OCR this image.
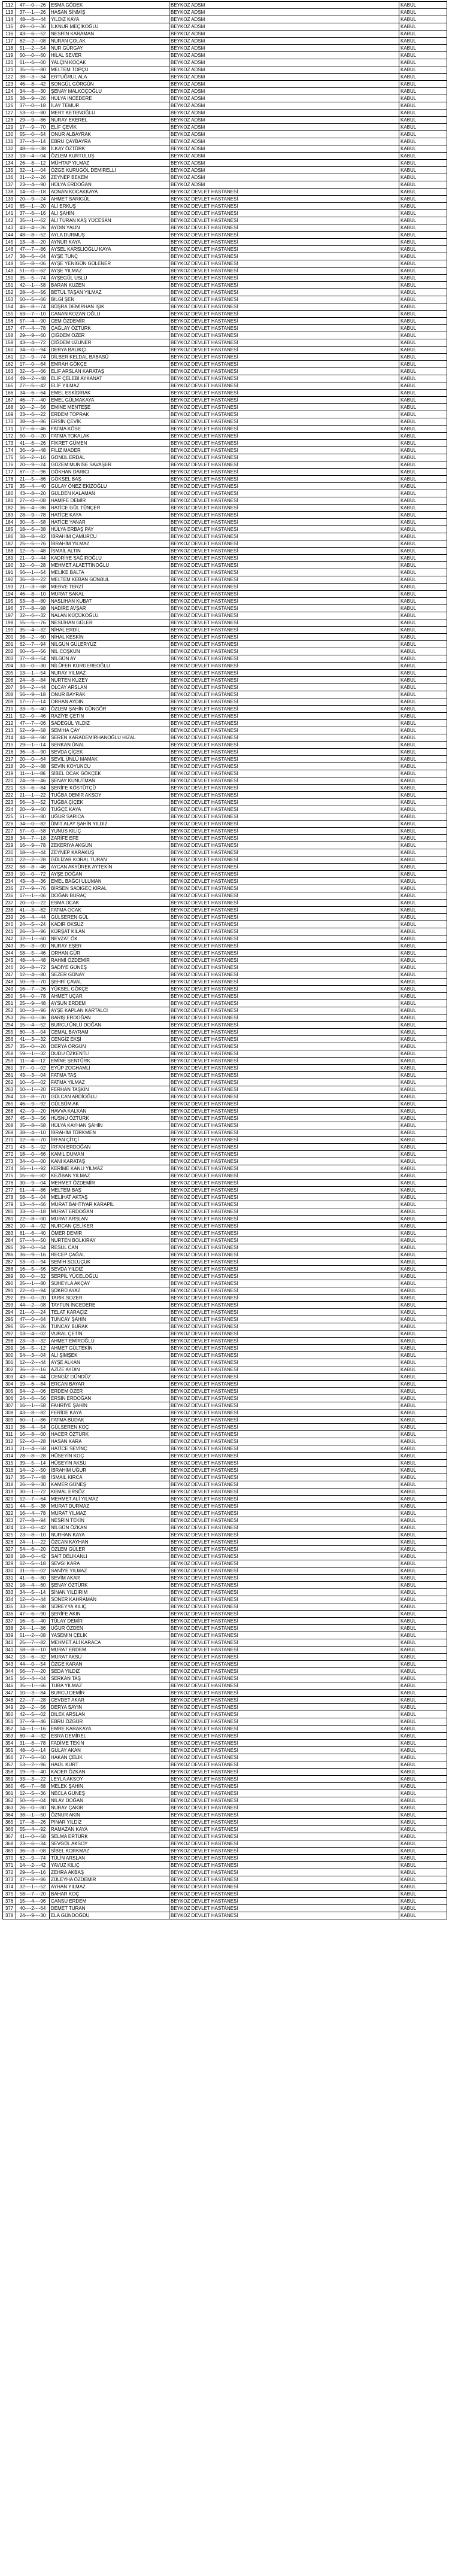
112	47----0----26	ESMA GÖDEK	BEYKOZ ADSM	KABUL
113	37----1----26	HASAN SİNMİŞ	BEYKOZ ADSM	KABUL
114	48----8----44	YILDIZ KAYA	BEYKOZ ADSM	KABUL
115	49----0----36	İLKNUR MEÇİKOĞLU	BEYKOZ ADSM	KABUL
116	43----6----52	NESRİN KARAMAN	BEYKOZ ADSM	KABUL
117	62----2----08	NURAN ÇOLAK	BEYKOZ ADSM	KABUL
118	51----2----54	NUR GÜRGAY	BEYKOZ ADSM	KABUL
119	50----0----60	HİLAL SEVER	BEYKOZ ADSM	KABUL
120	61----6----00	YALÇIN KOÇAK	BEYKOZ ADSM	KABUL
121	35----5----80	MELTEM TOPÇU	BEYKOZ ADSM	KABUL
122	38----3----34	ERTUĞRUL ALA	BEYKOZ ADSM	KABUL
123	46----8----42	SONGÜL GÖRGÜN	BEYKOZ ADSM	KABUL
124	34----8----30	ŞENAY MALKOÇOĞLU	BEYKOZ ADSM	KABUL
125	38----9----26	HÜLYA İNCEDERE	BEYKOZ ADSM	KABUL
126	37----0----18	İLAY TEMUR	BEYKOZ ADSM	KABUL
127	53----0----80	MERT KETENOĞLU	BEYKOZ ADSM	KABUL
128	29----9----86	NURAY EKEREL	BEYKOZ ADSM	KABUL
129	17----9----70	ELİF ÇEVİK	BEYKOZ ADSM	KABUL
130	55----0----54	ONUR ALBAYRAK	BEYKOZ ADSM	KABUL
131	37----4----14	EBRU ÇAYBAYRA	BEYKOZ ADSM	KABUL
132	48----6----38	İLKAY ÖZTÜRK	BEYKOZ ADSM	KABUL
133	13----4----04	ÖZLEM KURTULUŞ	BEYKOZ ADSM	KABUL
134	26----8----12	MÜHTAP YILMAZ	BEYKOZ ADSM	KABUL
135	32----1----04	ÖZGE KURUGÖL DEMİRELLİ	BEYKOZ ADSM	KABUL
136	31----2----26	ZEYNEP BEKEM	BEYKOZ ADSM	KABUL
137	23----4----90	HÜLYA ERDOĞAN	BEYKOZ ADSM	KABUL
138	14----0----18	ADNAN KOCAKKAYA	BEYKOZ DEVLET HASTANESİ	KABUL
139	20----9----24	AHMET SARIGÜL	BEYKOZ DEVLET HASTANESİ	KABUL
140	65----1----20	ALİ ERKUŞ	BEYKOZ DEVLET HASTANESİ	KABUL
141	37----6----16	ALİ ŞAHİN	BEYKOZ DEVLET HASTANESİ	KABUL
142	35----1----62	ALİ TURAN KAŞ YÜCESAN	BEYKOZ DEVLET HASTANESİ	KABUL
143	43----4----26	AYDIN YALIN	BEYKOZ DEVLET HASTANESİ	KABUL
144	48----8----52	AYLA DURMUŞ	BEYKOZ DEVLET HASTANESİ	KABUL
145	13----8----20	AYNUR KAYA	BEYKOZ DEVLET HASTANESİ	KABUL
146	47----7----86	AYSEL KARSLIOĞLU KAYA	BEYKOZ DEVLET HASTANESİ	KABUL
147	38----6----04	AYŞE TUNÇ	BEYKOZ DEVLET HASTANESİ	KABUL
148	15----8----06	AYŞE YENİGÜN GÜLENER	BEYKOZ DEVLET HASTANESİ	KABUL
149	51----0----62	AYŞE YILMAZ	BEYKOZ DEVLET HASTANESİ	KABUL
150	35----5----74	AYŞEGÜL USLU	BEYKOZ DEVLET HASTANESİ	KABUL
151	42----1----58	BARAN KUZEN	BEYKOZ DEVLET HASTANESİ	KABUL
152	28----6----56	BETÜL TAŞAN YILMAZ	BEYKOZ DEVLET HASTANESİ	KABUL
153	50----5----66	BİLGİ ŞEN	BEYKOZ DEVLET HASTANESİ	KABUL
154	46----8----74	BÜŞRA DEMİRHAN IŞIK	BEYKOZ DEVLET HASTANESİ	KABUL
155	63----7----10	CANAN KOZAN OĞLU	BEYKOZ DEVLET HASTANESİ	KABUL
156	57----4----90	CEM ÖZDEMİR	BEYKOZ DEVLET HASTANESİ	KABUL
157	47----4----78	ÇAĞLAY ÖZTÜRK	BEYKOZ DEVLET HASTANESİ	KABUL
158	29----9----60	ÇİĞDEM ÖZER	BEYKOZ DEVLET HASTANESİ	KABUL
159	43----4----72	ÇİĞDEM UZUNER	BEYKOZ DEVLET HASTANESİ	KABUL
160	34----0----94	DERYA BALIKÇI	BEYKOZ DEVLET HASTANESİ	KABUL
161	12----9----74	DİLBER KELDAL BABASÜ	BEYKOZ DEVLET HASTANESİ	KABUL
162	17----0----64	EMRAH GÖKÇE	BEYKOZ DEVLET HASTANESİ	KABUL
163	32----5----66	ELİF ARSLAN KARATAŞ	BEYKOZ DEVLET HASTANESİ	KABUL
164	49----2----48	ELİF ÇELEBİ AYKANAT	BEYKOZ DEVLET HASTANESİ	KABUL
165	27----5----42	ELİF YILMAZ	BEYKOZ DEVLET HASTANESİ	KABUL
166	34----6----64	EMEL ESKİDİRAK	BEYKOZ DEVLET HASTANESİ	KABUL
167	46----7----40	EMEL GÜLMAKAYA	BEYKOZ DEVLET HASTANESİ	KABUL
168	10----2----56	EMİNE MENTEŞE	BEYKOZ DEVLET HASTANESİ	KABUL
169	33----6----22	ERDEM TOPRAK	BEYKOZ DEVLET HASTANESİ	KABUL
170	38----4----86	ERSİN ÇEVİK	BEYKOZ DEVLET HASTANESİ	KABUL
171	17----6----46	FATMA KÖSE	BEYKOZ DEVLET HASTANESİ	KABUL
172	50----0----20	FATMA TOKALAK	BEYKOZ DEVLET HASTANESİ	KABUL
173	41----6----26	FİKRET GÜMEN	BEYKOZ DEVLET HASTANESİ	KABUL
174	36----9----48	FİLİZ MADER	BEYKOZ DEVLET HASTANESİ	KABUL
175	56----2----16	GÖNÜL ERDAL	BEYKOZ DEVLET HASTANESİ	KABUL
176	20----9----24	GÜZEM MUNİSE SAVAŞER	BEYKOZ DEVLET HASTANESİ	KABUL
177	67----2----96	GÖKHAN DARICI	BEYKOZ DEVLET HASTANESİ	KABUL
178	21----5----86	GÖKSEL BAŞ	BEYKOZ DEVLET HASTANESİ	KABUL
179	35----4----40	GÜLAY ÖNEZ EKİZOĞLU	BEYKOZ DEVLET HASTANESİ	KABUL
180	43----8----20	GÜLDEN KALAMAN	BEYKOZ DEVLET HASTANESİ	KABUL
181	27----0----08	HAMİFE DEMİR	BEYKOZ DEVLET HASTANESİ	KABUL
182	36----4----86	HATİCE GÜL TÜNÇER	BEYKOZ DEVLET HASTANESİ	KABUL
183	28----9----78	HATİCE KAYA	BEYKOZ DEVLET HASTANESİ	KABUL
184	30----5----58	HATİCE YANAR	BEYKOZ DEVLET HASTANESİ	KABUL
185	18----6----38	HÜLYA ERBAŞ PAY	BEYKOZ DEVLET HASTANESİ	KABUL
186	38----8----82	İBRAHİM ÇAMURCU	BEYKOZ DEVLET HASTANESİ	KABUL
187	25----5----76	İBRAHİM YILMAZ	BEYKOZ DEVLET HASTANESİ	KABUL
188	12----5----48	İSMAİL ALTIN	BEYKOZ DEVLET HASTANESİ	KABUL
189	21----9----44	KADRİYE SAĞIROĞLU	BEYKOZ DEVLET HASTANESİ	KABUL
190	32----0----28	MEHMET ALAETTİNOĞLU	BEYKOZ DEVLET HASTANESİ	KABUL
191	56----1----54	MELİKE BALTA	BEYKOZ DEVLET HASTANESİ	KABUL
192	36----8----22	MELTEM KEBAN GÜNBUL	BEYKOZ DEVLET HASTANESİ	KABUL
193	21----3----68	MERVE TERZİ	BEYKOZ DEVLET HASTANESİ	KABUL
194	46----8----10	MURAT SAKAL	BEYKOZ DEVLET HASTANESİ	KABUL
195	53----8----80	NASLIHAN KUBAT	BEYKOZ DEVLET HASTANESİ	KABUL
196	37----8----98	NADİRE AVŞAR	BEYKOZ DEVLET HASTANESİ	KABUL
197	32----6----32	NALAN KÜÇÜKOĞLU	BEYKOZ DEVLET HASTANESİ	KABUL
198	55----5----76	NESLİHAN GÜLER	BEYKOZ DEVLET HASTANESİ	KABUL
199	35----4----32	NİHAL ERDİL	BEYKOZ DEVLET HASTANESİ	KABUL
200	38----2----60	NİHAL KESKİN	BEYKOZ DEVLET HASTANESİ	KABUL
201	62----7----94	NİLGÜN GÜLERYÜZ	BEYKOZ DEVLET HASTANESİ	KABUL
202	60----5----56	NİL COŞKUN	BEYKOZ DEVLET HASTANESİ	KABUL
203	37----8----54	NİLGÜN AY	BEYKOZ DEVLET HASTANESİ	KABUL
204	33----0----30	NİLÜFER KURGEREOĞLU	BEYKOZ DEVLET HASTANESİ	KABUL
205	13----1----54	NURAY YILMAZ	BEYKOZ DEVLET HASTANESİ	KABUL
206	24----8----84	NURTEN KUZEY	BEYKOZ DEVLET HASTANESİ	KABUL
207	64----2----44	OLCAY ARSLAN	BEYKOZ DEVLET HASTANESİ	KABUL
208	56----9----18	ONUR BAYRAK	BEYKOZ DEVLET HASTANESİ	KABUL
209	17----7----14	ORHAN AYDIN	BEYKOZ DEVLET HASTANESİ	KABUL
210	33----5----40	ÖZLEM ŞAHİN GÜNGÖR	BEYKOZ DEVLET HASTANESİ	KABUL
211	52----0----46	RAZİYE ÇETİN	BEYKOZ DEVLET HASTANESİ	KABUL
212	47----7----06	SADEGÜL YILDIZ	BEYKOZ DEVLET HASTANESİ	KABUL
213	52----9----58	SEMİHA ÇAY	BEYKOZ DEVLET HASTANESİ	KABUL
214	44----8----98	SEREN KARADEMİRHANOĞLU HIZAL	BEYKOZ DEVLET HASTANESİ	KABUL
215	29----1----14	SERKAN ÜNAL	BEYKOZ DEVLET HASTANESİ	KABUL
216	36----3----90	SEVDA ÇİÇEK	BEYKOZ DEVLET HASTANESİ	KABUL
217	20----0----64	SEVİL ÜNLÜ MAMAK	BEYKOZ DEVLET HASTANESİ	KABUL
218	26----2----88	SEVİN KOYUNCU	BEYKOZ DEVLET HASTANESİ	KABUL
219	11----1----86	SİBEL OCAK GÖKÇEK	BEYKOZ DEVLET HASTANESİ	KABUL
220	24----9----46	ŞENAY KUNUTMAN	BEYKOZ DEVLET HASTANESİ	KABUL
221	53----6----84	ŞERİFE KÖSTÜTÇÜ	BEYKOZ DEVLET HASTANESİ	KABUL
222	21----1----22	TUĞBA DEMİR AKSOY	BEYKOZ DEVLET HASTANESİ	KABUL
223	56----3----52	TUĞBA ÇİÇEK	BEYKOZ DEVLET HASTANESİ	KABUL
224	20----9----60	TUĞÇE KAYA	BEYKOZ DEVLET HASTANESİ	KABUL
225	51----3----80	UĞUR SARICA	BEYKOZ DEVLET HASTANESİ	KABUL
226	34----0----82	ÜMİT ALAY ŞAHİN YILDIZ	BEYKOZ DEVLET HASTANESİ	KABUL
227	57----0----58	YUNUS KILIÇ	BEYKOZ DEVLET HASTANESİ	KABUL
228	34----7----18	ZARİFE EFE	BEYKOZ DEVLET HASTANESİ	KABUL
229	16----9----78	ZEKERİYA AKGÜN	BEYKOZ DEVLET HASTANESİ	KABUL
230	18----4----44	ZEYNEP KARAKUŞ	BEYKOZ DEVLET HASTANESİ	KABUL
231	22----2----28	GÜLİZAR KORAL TURAN	BEYKOZ DEVLET HASTANESİ	KABUL
232	68----8----46	AYCAN AKYÜREK AYTEKİN	BEYKOZ DEVLET HASTANESİ	KABUL
233	10----0----72	AYŞE DOĞAN	BEYKOZ DEVLET HASTANESİ	KABUL
234	43----8----36	EMEL BAĞCI ULUMAN	BEYKOZ DEVLET HASTANESİ	KABUL
235	27----9----76	BİRSEN SADIGEÇ KİRAL	BEYKOZ DEVLET HASTANESİ	KABUL
236	17----1----06	DOĞAN BURAÇ	BEYKOZ DEVLET HASTANESİ	KABUL
237	20----0----22	ESMA OCAK	BEYKOZ DEVLET HASTANESİ	KABUL
238	41----3----82	FATMA OCAK	BEYKOZ DEVLET HASTANESİ	KABUL
239	26----4----44	GÜLSEREN GÜL	BEYKOZ DEVLET HASTANESİ	KABUL
240	24----5----24	KADİR ÖKSÜZ	BEYKOZ DEVLET HASTANESİ	KABUL
241	26----3----96	KÜRŞAT KILAN	BEYKOZ DEVLET HASTANESİ	KABUL
242	32----1----60	NEVZAT ÖK	BEYKOZ DEVLET HASTANESİ	KABUL
243	35----3----00	NURAY EŞER	BEYKOZ DEVLET HASTANESİ	KABUL
244	58----5----46	ORHAN GÜR	BEYKOZ DEVLET HASTANESİ	KABUL
245	48----4----48	RAHMİ ÖZDEMİR	BEYKOZ DEVLET HASTANESİ	KABUL
246	26----8----72	SADİYE GÜNEŞ	BEYKOZ DEVLET HASTANESİ	KABUL
247	12----4----80	SEZER GÜNAY	BEYKOZ DEVLET HASTANESİ	KABUL
248	50----9----70	ŞEHRİ ÇAVAL	BEYKOZ DEVLET HASTANESİ	KABUL
249	16----7----26	YÜKSEL GÖKÇE	BEYKOZ DEVLET HASTANESİ	KABUL
250	54----0----78	AHMET UÇAR	BEYKOZ DEVLET HASTANESİ	KABUL
251	25----9----48	AYSUN ERDEM	BEYKOZ DEVLET HASTANESİ	KABUL
252	10----3----96	AYŞE KAPLAN KARTALCI	BEYKOZ DEVLET HASTANESİ	KABUL
253	26----0----36	BARIŞ ERDOĞAN	BEYKOZ DEVLET HASTANESİ	KABUL
254	15----4----52	BURCU ÜNLÜ DOĞAN	BEYKOZ DEVLET HASTANESİ	KABUL
255	60----3----04	CEMAL BAYRAM	BEYKOZ DEVLET HASTANESİ	KABUL
256	41----3----32	CENGİZ EKŞİ	BEYKOZ DEVLET HASTANESİ	KABUL
257	35----0----26	DERYA ÖRGÜN	BEYKOZ DEVLET HASTANESİ	KABUL
258	59----1----32	DUDU ÖZKENTLİ	BEYKOZ DEVLET HASTANESİ	KABUL
259	11----4----12	EMİNE ŞENTÜRK	BEYKOZ DEVLET HASTANESİ	KABUL
260	37----0----02	EYÜP ZOGHAMLI	BEYKOZ DEVLET HASTANESİ	KABUL
261	43----3----04	FATMA TAŞ	BEYKOZ DEVLET HASTANESİ	KABUL
262	10----5----02	FATMA YILMAZ	BEYKOZ DEVLET HASTANESİ	KABUL
263	10----1----20	FERHAN TAŞKIN	BEYKOZ DEVLET HASTANESİ	KABUL
264	13----8----70	GÜLCAN ABDİOĞLU	BEYKOZ DEVLET HASTANESİ	KABUL
265	46----9----92	GÜLSÜM AK	BEYKOZ DEVLET HASTANESİ	KABUL
266	42----9----20	HAVVA KALKAN	BEYKOZ DEVLET HASTANESİ	KABUL
267	45----3----56	HÜSNÜ ÖZTÜRK	BEYKOZ DEVLET HASTANESİ	KABUL
268	35----8----58	HÜLYA KAYHAN ŞAHİN	BEYKOZ DEVLET HASTANESİ	KABUL
269	38----4----10	İBRAHİM TÜRKMEN	BEYKOZ DEVLET HASTANESİ	KABUL
270	12----6----70	İRFAN ÇİTÇİ	BEYKOZ DEVLET HASTANESİ	KABUL
271	43----5----92	İRFAN ERDOĞAN	BEYKOZ DEVLET HASTANESİ	KABUL
272	18----0----66	KAMİL DUMAN	BEYKOZ DEVLET HASTANESİ	KABUL
273	34----0----00	KANİ KARATAŞ	BEYKOZ DEVLET HASTANESİ	KABUL
274	56----1----92	KERİME KANLI YILMAZ	BEYKOZ DEVLET HASTANESİ	KABUL
275	15----6----82	KEZİBAN YILMAZ	BEYKOZ DEVLET HASTANESİ	KABUL
276	30----9----04	MEHMET ÖZDEMİR	BEYKOZ DEVLET HASTANESİ	KABUL
277	51----4----86	MELTEM BAŞ	BEYKOZ DEVLET HASTANESİ	KABUL
278	58----5----04	MELİHAT AKTAŞ	BEYKOZ DEVLET HASTANESİ	KABUL
279	13----4----66	MURAT BAHTİYAR KARAPİL	BEYKOZ DEVLET HASTANESİ	KABUL
280	33----0----18	MURAT ERDOĞAN	BEYKOZ DEVLET HASTANESİ	KABUL
281	22----8----00	MURAT ARSLAN	BEYKOZ DEVLET HASTANESİ	KABUL
282	10----4----92	NURCAN ÇELİKER	BEYKOZ DEVLET HASTANESİ	KABUL
283	61----6----40	ÖMER DEMİR	BEYKOZ DEVLET HASTANESİ	KABUL
284	57----4----50	NURTEN BOLKIRAY	BEYKOZ DEVLET HASTANESİ	KABUL
285	39----0----64	RESUL CAN	BEYKOZ DEVLET HASTANESİ	KABUL
286	36----9----16	RECEP ÇAĞAL	BEYKOZ DEVLET HASTANESİ	KABUL
287	53----0----94	SEMİH SOLUÇUK	BEYKOZ DEVLET HASTANESİ	KABUL
288	16----5----56	SEVDA YILDIZ	BEYKOZ DEVLET HASTANESİ	KABUL
289	50----0----32	SERPİL YÜCELOĞLU	BEYKOZ DEVLET HASTANESİ	KABUL
290	25----1----80	SÜHEYLA AKÇAY	BEYKOZ DEVLET HASTANESİ	KABUL
291	22----0----94	ŞÜKRÜ AYAZ	BEYKOZ DEVLET HASTANESİ	KABUL
292	39----0----20	TARIK SOZER	BEYKOZ DEVLET HASTANESİ	KABUL
293	44----2----08	TAYFUN İNCEDERE	BEYKOZ DEVLET HASTANESİ	KABUL
294	21----0----24	TELAT KARAÇİZ	BEYKOZ DEVLET HASTANESİ	KABUL
295	47----0----64	TUNCAY ŞAHİN	BEYKOZ DEVLET HASTANESİ	KABUL
296	55----2----26	TUNCAY BURAK	BEYKOZ DEVLET HASTANESİ	KABUL
297	13----4----02	VURAL ÇETİN	BEYKOZ DEVLET HASTANESİ	KABUL
298	23----3----32	AHMET EMİROĞLU	BEYKOZ DEVLET HASTANESİ	KABUL
299	16----5----12	AHMET GÜLTEKİN	BEYKOZ DEVLET HASTANESİ	KABUL
300	54----3----04	ALİ ŞİMŞEK	BEYKOZ DEVLET HASTANESİ	KABUL
301	12----2----44	AYŞE ALKAN	BEYKOZ DEVLET HASTANESİ	KABUL
302	36----2----16	AZİZE AYDIN	BEYKOZ DEVLET HASTANESİ	KABUL
303	43----6----44	CENGİZ GÜNDÜZ	BEYKOZ DEVLET HASTANESİ	KABUL
304	19----6----84	ERCAN BAYAR	BEYKOZ DEVLET HASTANESİ	KABUL
305	54----2----06	ERDEM ÖZER	BEYKOZ DEVLET HASTANESİ	KABUL
306	24----6----56	ERSİN ERDOĞAN	BEYKOZ DEVLET HASTANESİ	KABUL
307	16----1----58	FAHRİYE ŞAHİN	BEYKOZ DEVLET HASTANESİ	KABUL
308	43----8----82	FERİDE KAYA	BEYKOZ DEVLET HASTANESİ	KABUL
309	60----1----86	FATMA BUDAK	BEYKOZ DEVLET HASTANESİ	KABUL
310	38----4----54	GÜLSEREN KOÇ	BEYKOZ DEVLET HASTANESİ	KABUL
311	16----8----00	HACER ÖZTÜRK	BEYKOZ DEVLET HASTANESİ	KABUL
312	52----0----28	HASAN KARA	BEYKOZ DEVLET HASTANESİ	KABUL
313	21----4----58	HATİCE SEVİNÇ	BEYKOZ DEVLET HASTANESİ	KABUL
314	28----8----28	HÜSEYİN KOÇ	BEYKOZ DEVLET HASTANESİ	KABUL
315	39----5----14	HÜSEYİN AKSU	BEYKOZ DEVLET HASTANESİ	KABUL
316	14----2----50	İBRAHİM UĞUR	BEYKOZ DEVLET HASTANESİ	KABUL
317	35----7----48	İSMAİL KIRCA	BEYKOZ DEVLET HASTANESİ	KABUL
318	26----9----30	KAMER GÜNEŞ	BEYKOZ DEVLET HASTANESİ	KABUL
319	30----1----72	KEMAL ERSÖZ	BEYKOZ DEVLET HASTANESİ	KABUL
320	52----7----64	MEHMET ALİ YILMAZ	BEYKOZ DEVLET HASTANESİ	KABUL
321	44----5----38	MURAT DURMAZ	BEYKOZ DEVLET HASTANESİ	KABUL
322	16----4----78	MURAT YILMAZ	BEYKOZ DEVLET HASTANESİ	KABUL
323	27----8----94	NESRİN TEKİN	BEYKOZ DEVLET HASTANESİ	KABUL
324	13----0----42	NİLGÜN ÖZKAN	BEYKOZ DEVLET HASTANESİ	KABUL
325	23----8----10	NURHAN KAYA	BEYKOZ DEVLET HASTANESİ	KABUL
326	24----1----22	ÖZCAN KAYHAN	BEYKOZ DEVLET HASTANESİ	KABUL
327	54----6----20	ÖZLEM GÜLER	BEYKOZ DEVLET HASTANESİ	KABUL
328	18----0----42	SAİT DELİKANLI	BEYKOZ DEVLET HASTANESİ	KABUL
329	62----5----18	SEVGİ KARA	BEYKOZ DEVLET HASTANESİ	KABUL
330	31----5----02	SANİYE YILMAZ	BEYKOZ DEVLET HASTANESİ	KABUL
331	41----6----80	SEVİM AKAR	BEYKOZ DEVLET HASTANESİ	KABUL
332	18----4----60	ŞENAY ÖZTÜRK	BEYKOZ DEVLET HASTANESİ	KABUL
333	34----5----14	SİNAN YILDIRIM	BEYKOZ DEVLET HASTANESİ	KABUL
334	12----0----44	SONER KAHRAMAN	BEYKOZ DEVLET HASTANESİ	KABUL
335	33----9----88	SÜREYYA KILIÇ	BEYKOZ DEVLET HASTANESİ	KABUL
336	47----6----90	ŞERİFE AKIN	BEYKOZ DEVLET HASTANESİ	KABUL
337	16----5----40	TÜLAY DEMİR	BEYKOZ DEVLET HASTANESİ	KABUL
338	24----1----86	UĞUR ÖZDEN	BEYKOZ DEVLET HASTANESİ	KABUL
339	51----2----08	YASEMİN ÇELİK	BEYKOZ DEVLET HASTANESİ	KABUL
340	25----7----82	MEHMET ALİ KARACA	BEYKOZ DEVLET HASTANESİ	KABUL
341	58----8----10	MURAT ERDEM	BEYKOZ DEVLET HASTANESİ	KABUL
342	13----6----32	MURAT AKSU	BEYKOZ DEVLET HASTANESİ	KABUL
343	44----0----54	ÖZGE KARAN	BEYKOZ DEVLET HASTANESİ	KABUL
344	56----7----20	SEDA YILDIZ	BEYKOZ DEVLET HASTANESİ	KABUL
345	16----4----04	SERKAN TAŞ	BEYKOZ DEVLET HASTANESİ	KABUL
346	35----1----66	TUBA YILMAZ	BEYKOZ DEVLET HASTANESİ	KABUL
347	10----3----84	BURCU DEMİR	BEYKOZ DEVLET HASTANESİ	KABUL
348	22----7----28	CEVDET AKAR	BEYKOZ DEVLET HASTANESİ	KABUL
349	29----2----56	DERYA SAYIN	BEYKOZ DEVLET HASTANESİ	KABUL
350	42----5----02	DİLEK ARSLAN	BEYKOZ DEVLET HASTANESİ	KABUL
351	37----9----46	EBRU ÖZGÜR	BEYKOZ DEVLET HASTANESİ	KABUL
352	14----1----16	EMRE KARAKAYA	BEYKOZ DEVLET HASTANESİ	KABUL
353	60----4----32	ESRA DEMİREL	BEYKOZ DEVLET HASTANESİ	KABUL
354	31----8----78	FADİME TEKİN	BEYKOZ DEVLET HASTANESİ	KABUL
355	48----0----14	GÜLAY AKAN	BEYKOZ DEVLET HASTANESİ	KABUL
356	27----6----60	HAKAN ÇELİK	BEYKOZ DEVLET HASTANESİ	KABUL
357	53----2----96	HALİL KURT	BEYKOZ DEVLET HASTANESİ	KABUL
358	19----9----40	KADER ÖZKAN	BEYKOZ DEVLET HASTANESİ	KABUL
359	33----3----22	LEYLA AKSOY	BEYKOZ DEVLET HASTANESİ	KABUL
360	45----7----68	MELEK ŞAHİN	BEYKOZ DEVLET HASTANESİ	KABUL
361	12----5----36	NECLA GÜNEŞ	BEYKOZ DEVLET HASTANESİ	KABUL
362	50----6----04	NİLAY DOĞAN	BEYKOZ DEVLET HASTANESİ	KABUL
363	26----0----80	NURAY ÇAKIR	BEYKOZ DEVLET HASTANESİ	KABUL
364	38----1----50	ÖZNUR AKIN	BEYKOZ DEVLET HASTANESİ	KABUL
365	17----8----26	PINAR YILDIZ	BEYKOZ DEVLET HASTANESİ	KABUL
366	55----4----92	RAMAZAN KAYA	BEYKOZ DEVLET HASTANESİ	KABUL
367	41----0----58	SELMA ERTÜRK	BEYKOZ DEVLET HASTANESİ	KABUL
368	23----6----34	SEVGÜL AKSOY	BEYKOZ DEVLET HASTANESİ	KABUL
369	36----3----08	SİBEL KORKMAZ	BEYKOZ DEVLET HASTANESİ	KABUL
370	62----9----74	TÜLİN ARSLAN	BEYKOZ DEVLET HASTANESİ	KABUL
371	14----2----42	YAVUZ KILIÇ	BEYKOZ DEVLET HASTANESİ	KABUL
372	29----5----16	ZEHRA AKBAŞ	BEYKOZ DEVLET HASTANESİ	KABUL
373	47----8----86	ZÜLEYHA ÖZDEMİR	BEYKOZ DEVLET HASTANESİ	KABUL
374	32----1----52	AYHAN YILMAZ	BEYKOZ DEVLET HASTANESİ	KABUL
375	58----7----20	BAHAR KOÇ	BEYKOZ DEVLET HASTANESİ	KABUL
376	15----4----96	CANSU ERDEM	BEYKOZ DEVLET HASTANESİ	KABUL
377	40----2----64	DEMET TURAN	BEYKOZ DEVLET HASTANESİ	KABUL
378	24----9----30	ELA GÜNDOĞDU	BEYKOZ DEVLET HASTANESİ	KABUL
